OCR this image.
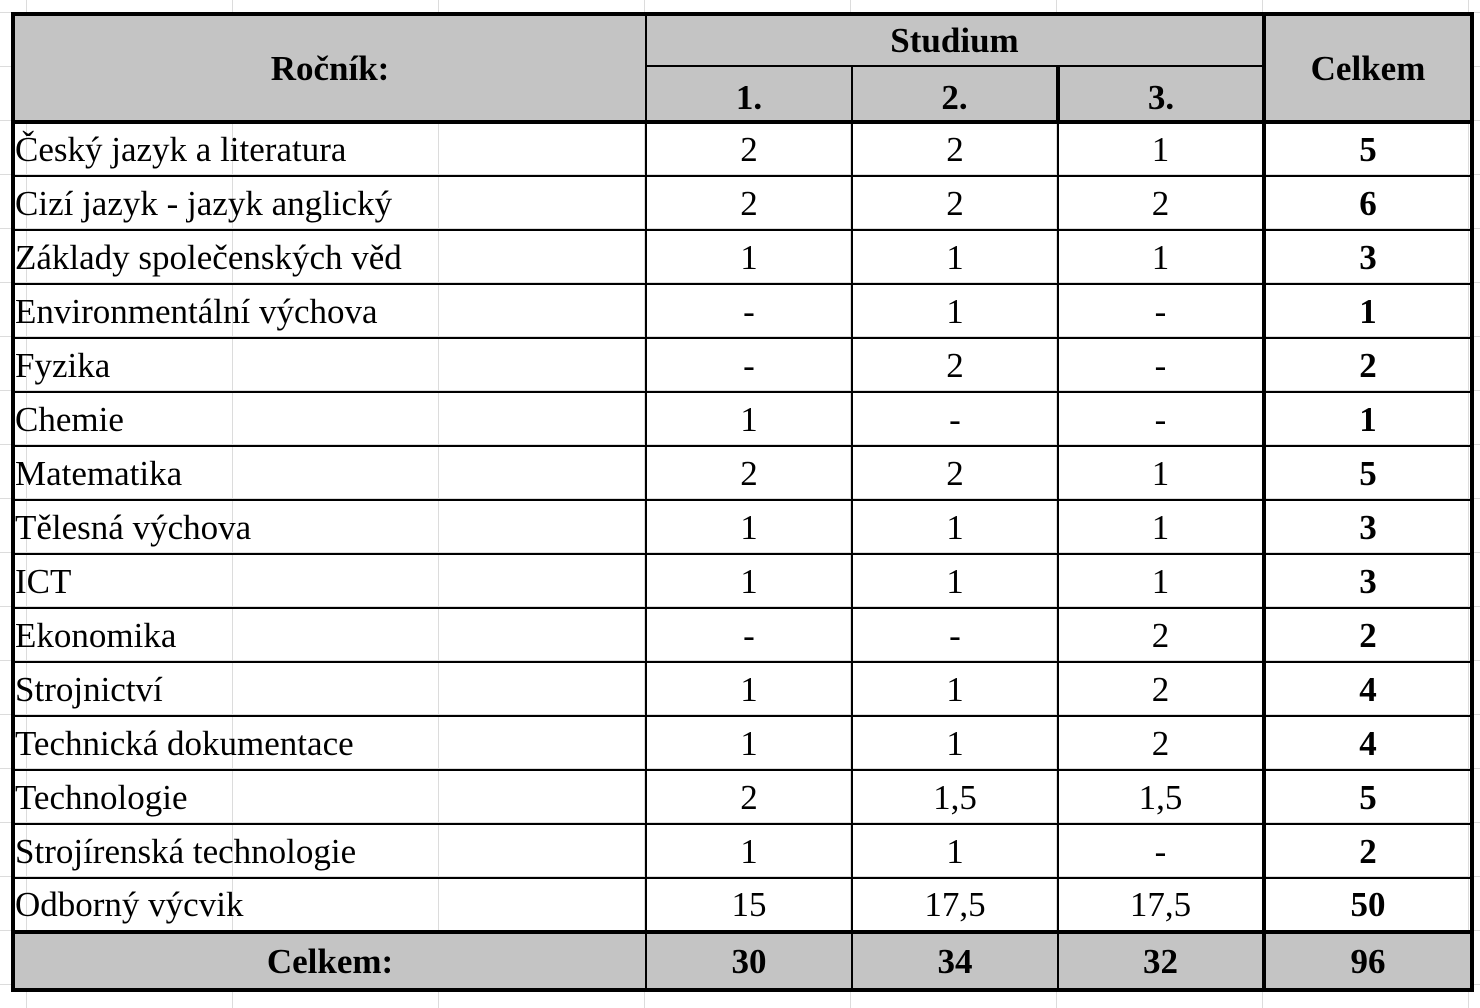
Ročník:	Studium			Celkem
	1.	2.	3.	
Český jazyk a literatura	2	2	1	5
Cizí jazyk - jazyk anglický	2	2	2	6
Základy společenských věd	1	1	1	3
Environmentální výchova	-	1	-	1
Fyzika	-	2	-	2
Chemie	1	-	-	1
Matematika	2	2	1	5
Tělesná výchova	1	1	1	3
ICT	1	1	1	3
Ekonomika	-	-	2	2
Strojnictví	1	1	2	4
Technická dokumentace	1	1	2	4
Technologie	2	1,5	1,5	5
Strojírenská technologie	1	1	-	2
Odborný výcvik	15	17,5	17,5	50
Celkem:	30	34	32	96
